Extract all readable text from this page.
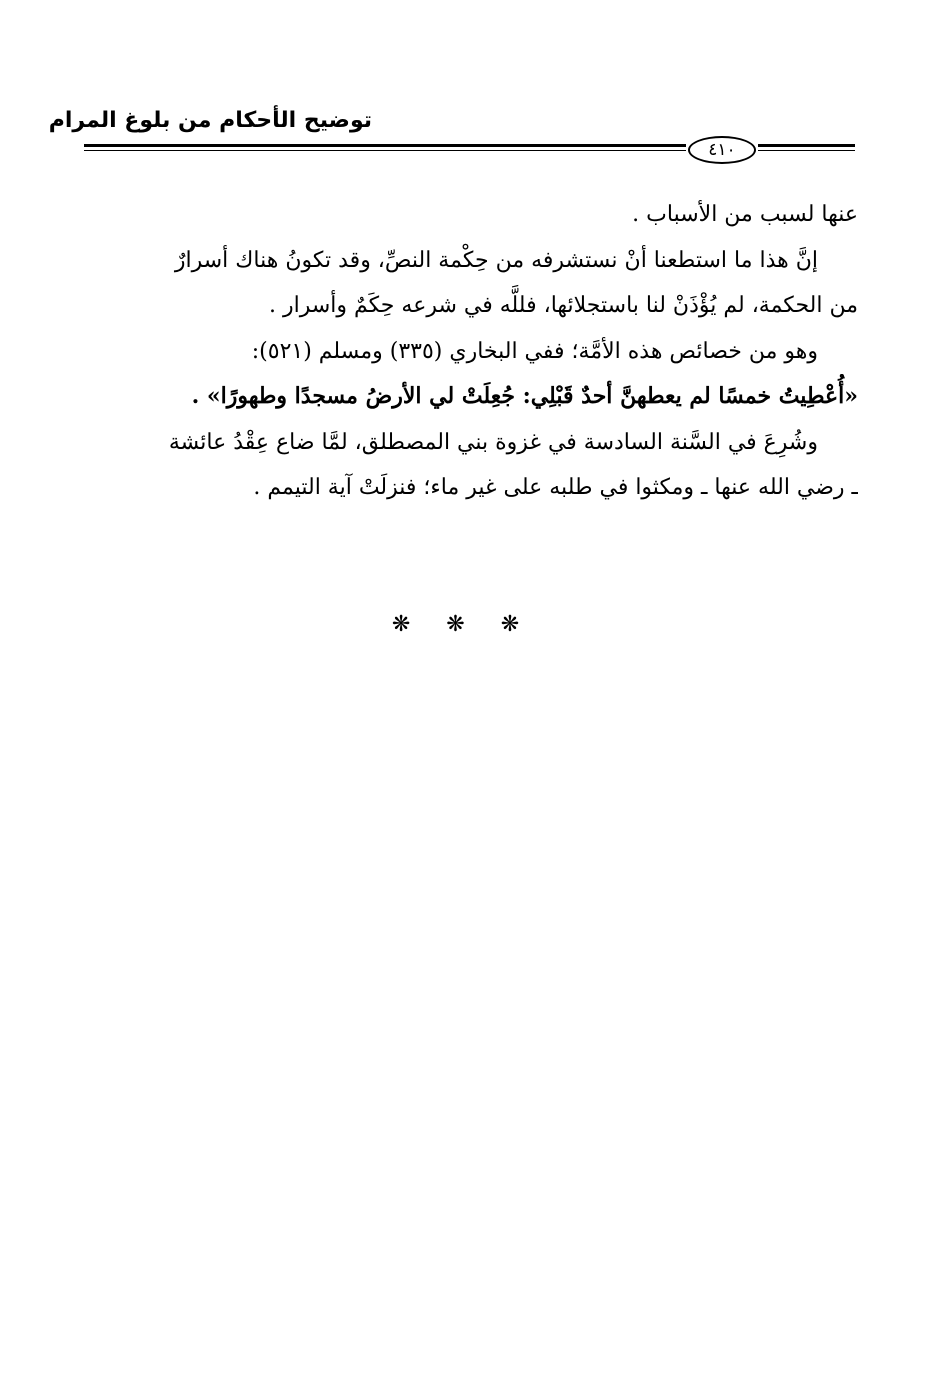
توضيح الأحكام من بلوغ المرام
٤١٠
عنها لسبب من الأسباب .
إنَّ هذا ما استطعنا أنْ نستشرفه من حِكْمة النصِّ، وقد تكونُ هناك أسرارٌ
من الحكمة، لم يُؤْذَنْ لنا باستجلائها، فللَّه في شرعه حِكَمٌ وأسرار .
وهو من خصائص هذه الأمَّة؛ ففي البخاري (٣٣٥) ومسلم (٥٢١):
«أُعْطِيتُ خمسًا لم يعطهنَّ أحدٌ قَبْلِي: جُعِلَتْ لي الأرضُ مسجدًا وطهورًا» .
وشُرِعَ في السَّنة السادسة في غزوة بني المصطلق، لمَّا ضاع عِقْدُ عائشة
ـ رضي الله عنها ـ ومكثوا في طلبه على غير ماء؛ فنزلَتْ آية التيمم .
❋❋❋
